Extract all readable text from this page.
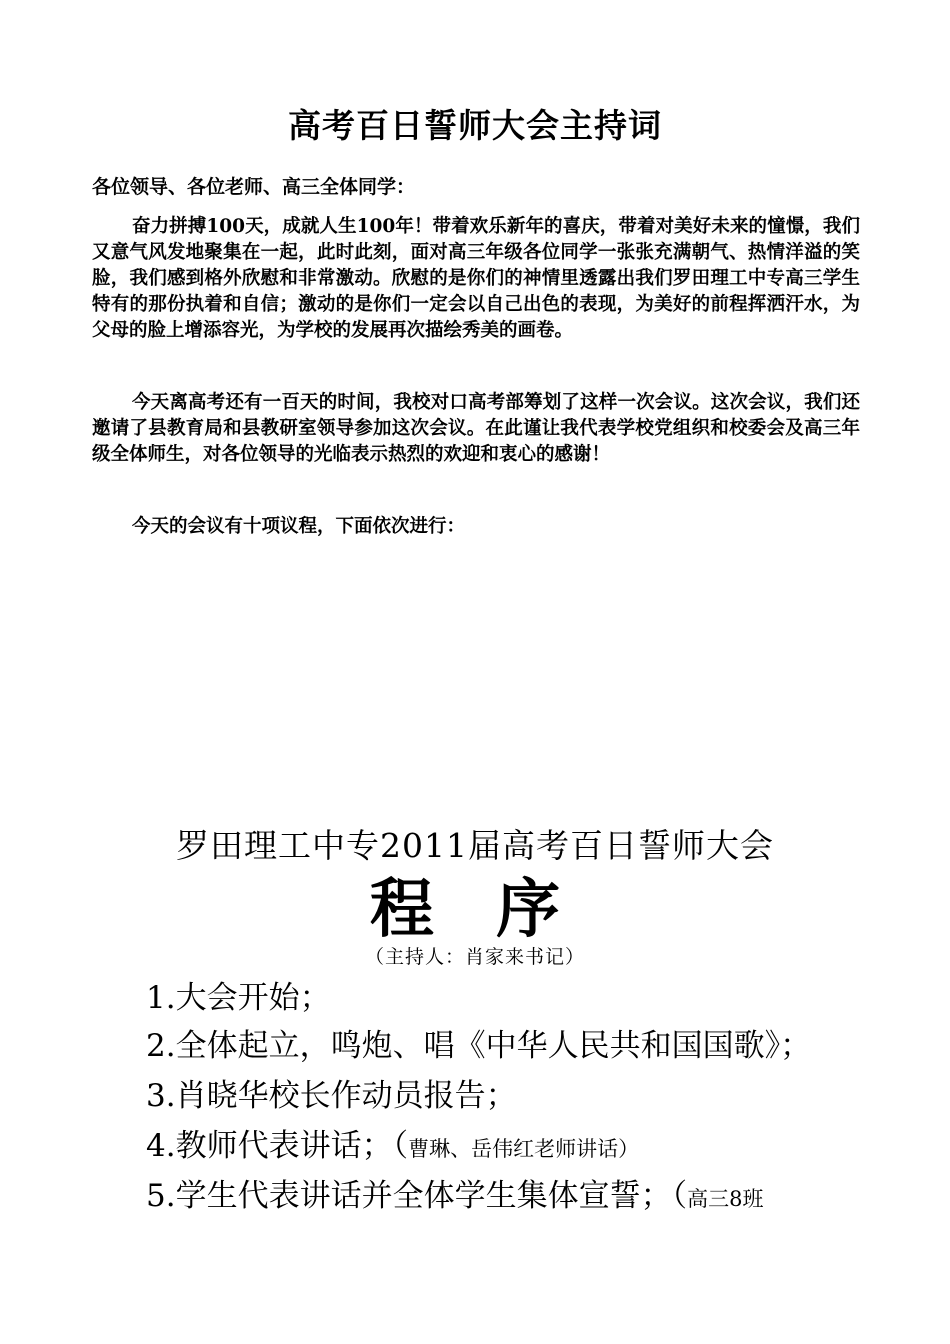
高考百日誓师大会主持词
各位领导、各位老师、高三全体同学：

奋力拼搏100天，成就人生100年！带着欢乐新年的喜庆，带着对美好未来的憧憬，我们又意气风发地聚集在一起，此时此刻，面对高三年级各位同学一张张充满朝气、热情洋溢的笑脸，我们感到格外欣慰和非常激动。欣慰的是你们的神情里透露出我们罗田理工中专高三学生特有的那份执着和自信；激动的是你们一定会以自己出色的表现，为美好的前程挥洒汗水，为父母的脸上增添容光，为学校的发展再次描绘秀美的画卷。

今天离高考还有一百天的时间，我校对口高考部筹划了这样一次会议。这次会议，我们还邀请了县教育局和县教研室领导参加这次会议。在此谨让我代表学校党组织和校委会及高三年级全体师生，对各位领导的光临表示热烈的欢迎和衷心的感谢！

今天的会议有十项议程，下面依次进行：

罗田理工中专2011届高考百日誓师大会
程 序
（主持人：肖家来书记）
1.大会开始；
2.全体起立，鸣炮、唱《中华人民共和国国歌》；
3.肖晓华校长作动员报告；
4.教师代表讲话；（曹琳、岳伟红老师讲话）
5.学生代表讲话并全体学生集体宣誓；（高三8班
